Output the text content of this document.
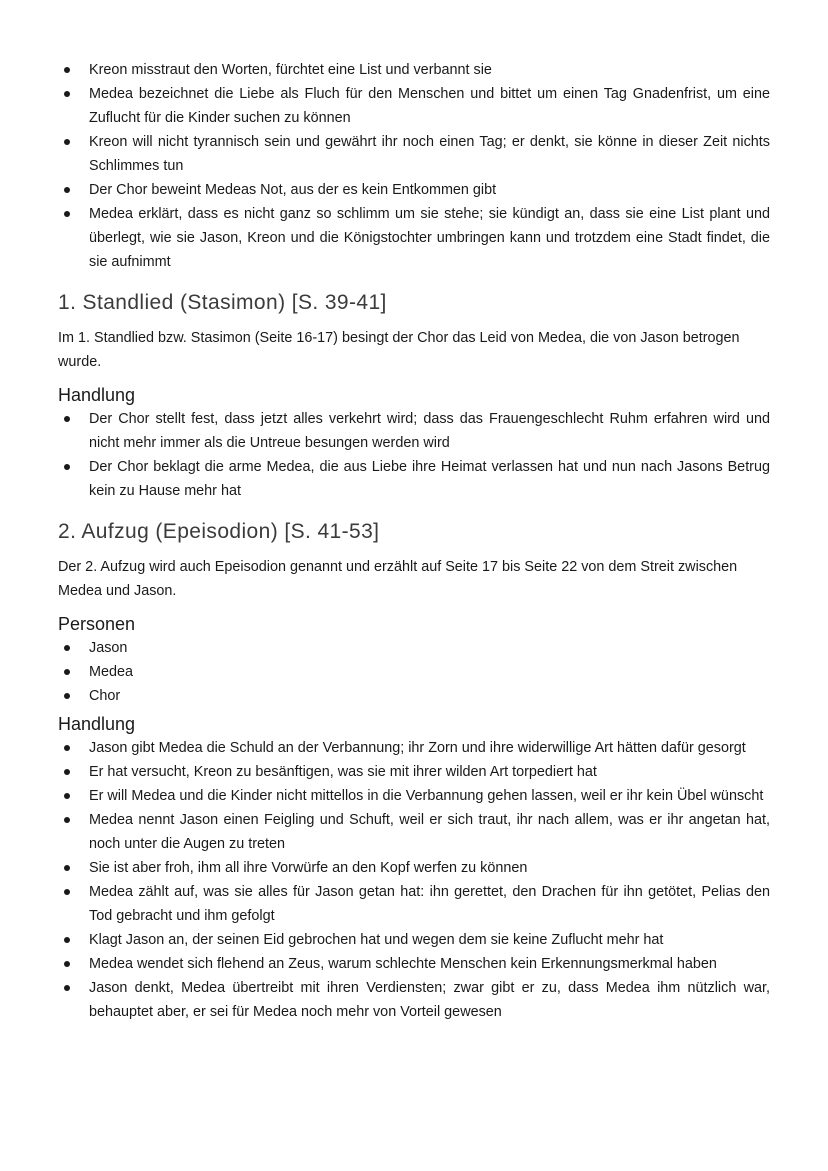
Kreon misstraut den Worten, fürchtet eine List und verbannt sie
Medea bezeichnet die Liebe als Fluch für den Menschen und bittet um einen Tag Gnadenfrist, um eine Zuflucht für die Kinder suchen zu können
Kreon will nicht tyrannisch sein und gewährt ihr noch einen Tag; er denkt, sie könne in dieser Zeit nichts Schlimmes tun
Der Chor beweint Medeas Not, aus der es kein Entkommen gibt
Medea erklärt, dass es nicht ganz so schlimm um sie stehe; sie kündigt an, dass sie eine List plant und überlegt, wie sie Jason, Kreon und die Königstochter umbringen kann und trotzdem eine Stadt findet, die sie aufnimmt
1. Standlied (Stasimon) [S. 39-41]

Im 1. Standlied bzw. Stasimon (Seite 16-17) besingt der Chor das Leid von Medea, die von Jason betrogen wurde.

Handlung
Der Chor stellt fest, dass jetzt alles verkehrt wird; dass das Frauengeschlecht Ruhm erfahren wird und nicht mehr immer als die Untreue besungen werden wird
Der Chor beklagt die arme Medea, die aus Liebe ihre Heimat verlassen hat und nun nach Jasons Betrug kein zu Hause mehr hat
2. Aufzug (Epeisodion) [S. 41-53]

Der 2. Aufzug wird auch Epeisodion genannt und erzählt auf Seite 17 bis Seite 22 von dem Streit zwischen Medea und Jason.

Personen
Jason
Medea
Chor
Handlung
Jason gibt Medea die Schuld an der Verbannung; ihr Zorn und ihre widerwillige Art hätten dafür gesorgt
Er hat versucht, Kreon zu besänftigen, was sie mit ihrer wilden Art torpediert hat
Er will Medea und die Kinder nicht mittellos in die Verbannung gehen lassen, weil er ihr kein Übel wünscht
Medea nennt Jason einen Feigling und Schuft, weil er sich traut, ihr nach allem, was er ihr angetan hat, noch unter die Augen zu treten
Sie ist aber froh, ihm all ihre Vorwürfe an den Kopf werfen zu können
Medea zählt auf, was sie alles für Jason getan hat: ihn gerettet, den Drachen für ihn getötet, Pelias den Tod gebracht und ihm gefolgt
Klagt Jason an, der seinen Eid gebrochen hat und wegen dem sie keine Zuflucht mehr hat
Medea wendet sich flehend an Zeus, warum schlechte Menschen kein Erkennungsmerkmal haben
Jason denkt, Medea übertreibt mit ihren Verdiensten; zwar gibt er zu, dass Medea ihm nützlich war, behauptet aber, er sei für Medea noch mehr von Vorteil gewesen
